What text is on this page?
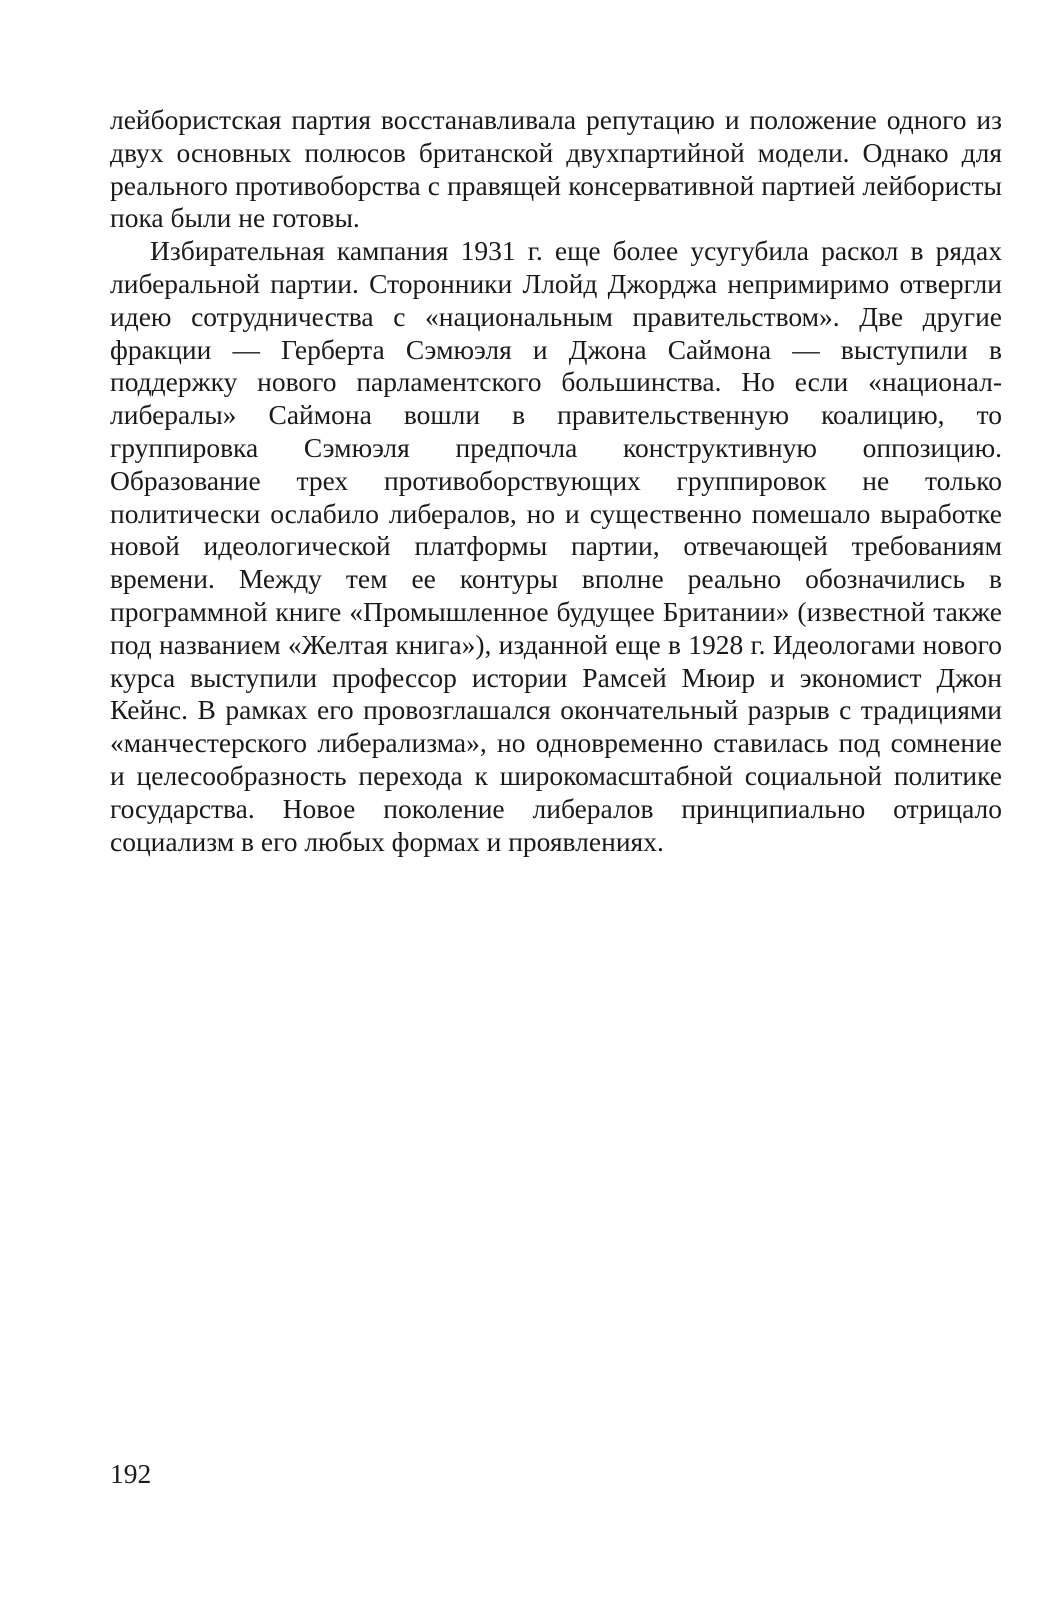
лейбористская партия восстанавливала репутацию и положение одного из двух основных полюсов британской двухпартийной модели. Однако для реального противоборства с правящей консервативной партией лейбористы пока были не готовы.

Избирательная кампания 1931 г. еще более усугубила раскол в рядах либеральной партии. Сторонники Ллойд Джорджа непримиримо отвергли идею сотрудничества с «национальным правительством». Две другие фракции — Герберта Сэмюэля и Джона Саймона — выступили в поддержку нового парламентского большинства. Но если «национал-либералы» Саймона вошли в правительственную коалицию, то группировка Сэмюэля предпочла конструктивную оппозицию. Образование трех противоборствующих группировок не только политически ослабило либералов, но и существенно помешало выработке новой идеологической платформы партии, отвечающей требованиям времени. Между тем ее контуры вполне реально обозначились в программной книге «Промышленное будущее Британии» (известной также под названием «Желтая книга»), изданной еще в 1928 г. Идеологами нового курса выступили профессор истории Рамсей Мюир и экономист Джон Кейнс. В рамках его провозглашался окончательный разрыв с традициями «манчестерского либерализма», но одновременно ставилась под сомнение и целесообразность перехода к широкомасштабной социальной политике государства. Новое поколение либералов принципиально отрицало социализм в его любых формах и проявлениях.

192
